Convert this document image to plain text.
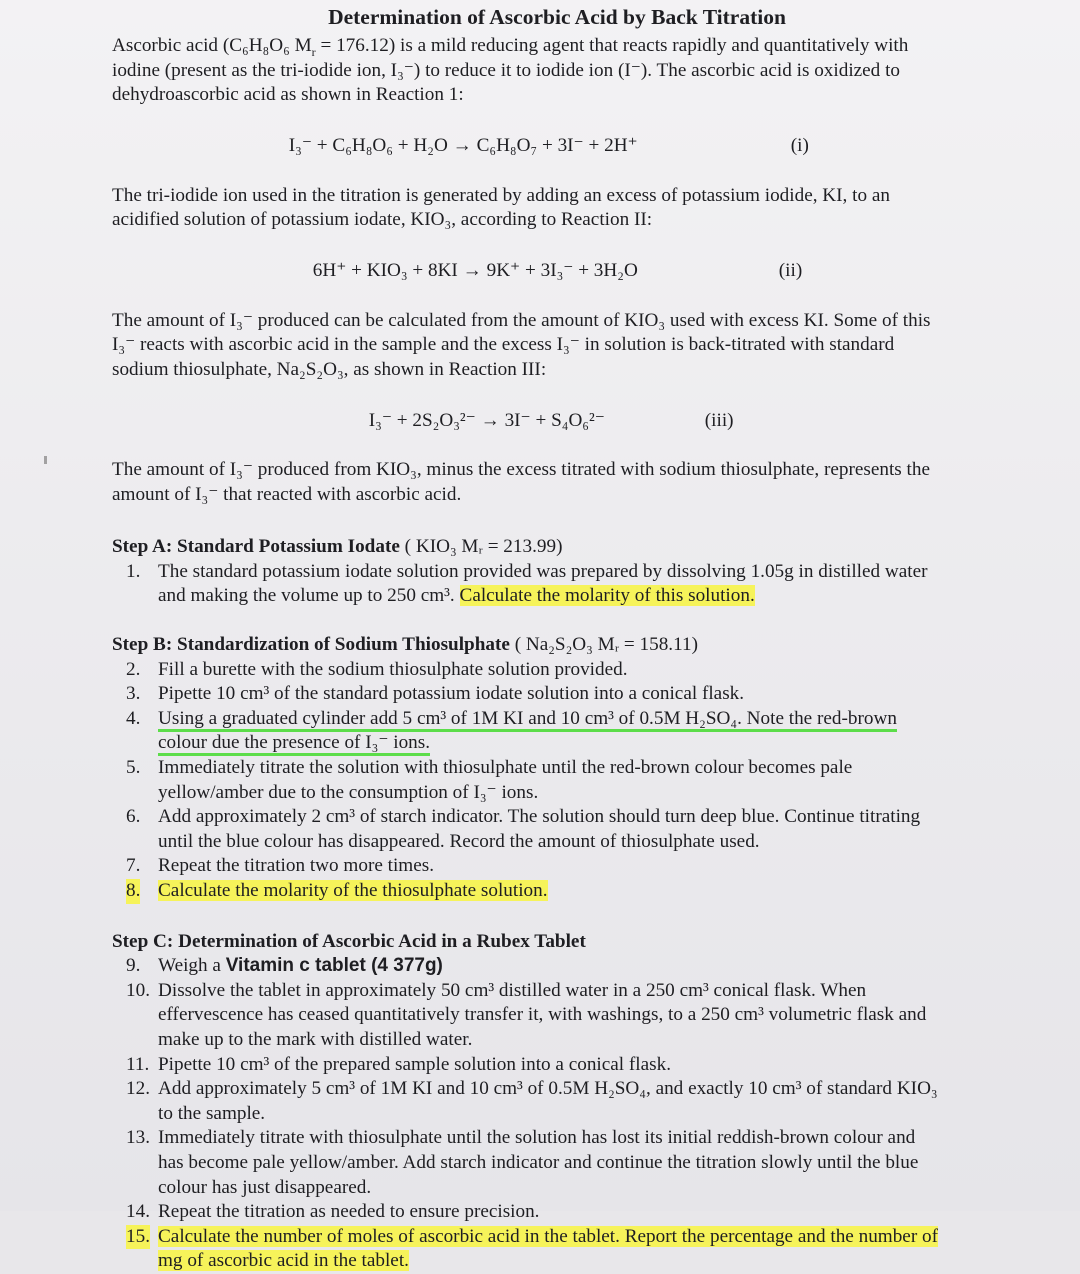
Determination of Ascorbic Acid by Back Titration

Ascorbic acid (C₆H₈O₆ $M_r = 176.12$) is a mild reducing agent that reacts rapidly and quantitatively with iodine (present as the tri-iodide ion, I₃⁻) to reduce it to iodide ion (I⁻). The ascorbic acid is oxidized to dehydroascorbic acid as shown in Reaction 1:

I₃⁻ + C₆H₈O₆ + H₂O → C₆H₈O₇ + 3I⁻ + 2H⁺	(i)

The tri-iodide ion used in the titration is generated by adding an excess of potassium iodide, KI, to an acidified solution of potassium iodate, KIO₃, according to Reaction II:

6H⁺ + KIO₃ + 8KI → 9K⁺ + 3I₃⁻ + 3H₂O	(ii)

The amount of I₃⁻ produced can be calculated from the amount of KIO₃ used with excess KI. Some of this I₃⁻ reacts with ascorbic acid in the sample and the excess I₃⁻ in solution is back-titrated with standard sodium thiosulphate, Na₂S₂O₃, as shown in Reaction III:

I₃⁻ + 2S₂O₃²⁻ → 3I⁻ + S₄O₆²⁻	(iii)

The amount of I₃⁻ produced from KIO₃, minus the excess titrated with sodium thiosulphate, represents the amount of I₃⁻ that reacted with ascorbic acid.

Step A: Standard Potassium Iodate ( KIO₃ Mᵣ = 213.99)
1. The standard potassium iodate solution provided was prepared by dissolving 1.05g in distilled water and making the volume up to 250 cm³. Calculate the molarity of this solution.
Step B: Standardization of Sodium Thiosulphate ( Na₂S₂O₃ Mᵣ = 158.11)
2. Fill a burette with the sodium thiosulphate solution provided.
3. Pipette 10 cm³ of the standard potassium iodate solution into a conical flask.
4. Using a graduated cylinder add 5 cm³ of 1M KI and 10 cm³ of 0.5M H₂SO₄. Note the red-brown colour due the presence of I₃⁻ ions.
5. Immediately titrate the solution with thiosulphate until the red-brown colour becomes pale yellow/amber due to the consumption of I₃⁻ ions.
6. Add approximately 2 cm³ of starch indicator. The solution should turn deep blue. Continue titrating until the blue colour has disappeared. Record the amount of thiosulphate used.
7. Repeat the titration two more times.
8. Calculate the molarity of the thiosulphate solution.
Step C: Determination of Ascorbic Acid in a Rubex Tablet
9. Weigh a Vitamin c tablet (4 377g)
10. Dissolve the tablet in approximately 50 cm³ distilled water in a 250 cm³ conical flask. When effervescence has ceased quantitatively transfer it, with washings, to a 250 cm³ volumetric flask and make up to the mark with distilled water.
11. Pipette 10 cm³ of the prepared sample solution into a conical flask.
12. Add approximately 5 cm³ of 1M KI and 10 cm³ of 0.5M H₂SO₄, and exactly 10 cm³ of standard KIO₃ to the sample.
13. Immediately titrate with thiosulphate until the solution has lost its initial reddish-brown colour and has become pale yellow/amber. Add starch indicator and continue the titration slowly until the blue colour has just disappeared.
14. Repeat the titration as needed to ensure precision.
15. Calculate the number of moles of ascorbic acid in the tablet. Report the percentage and the number of mg of ascorbic acid in the tablet.
